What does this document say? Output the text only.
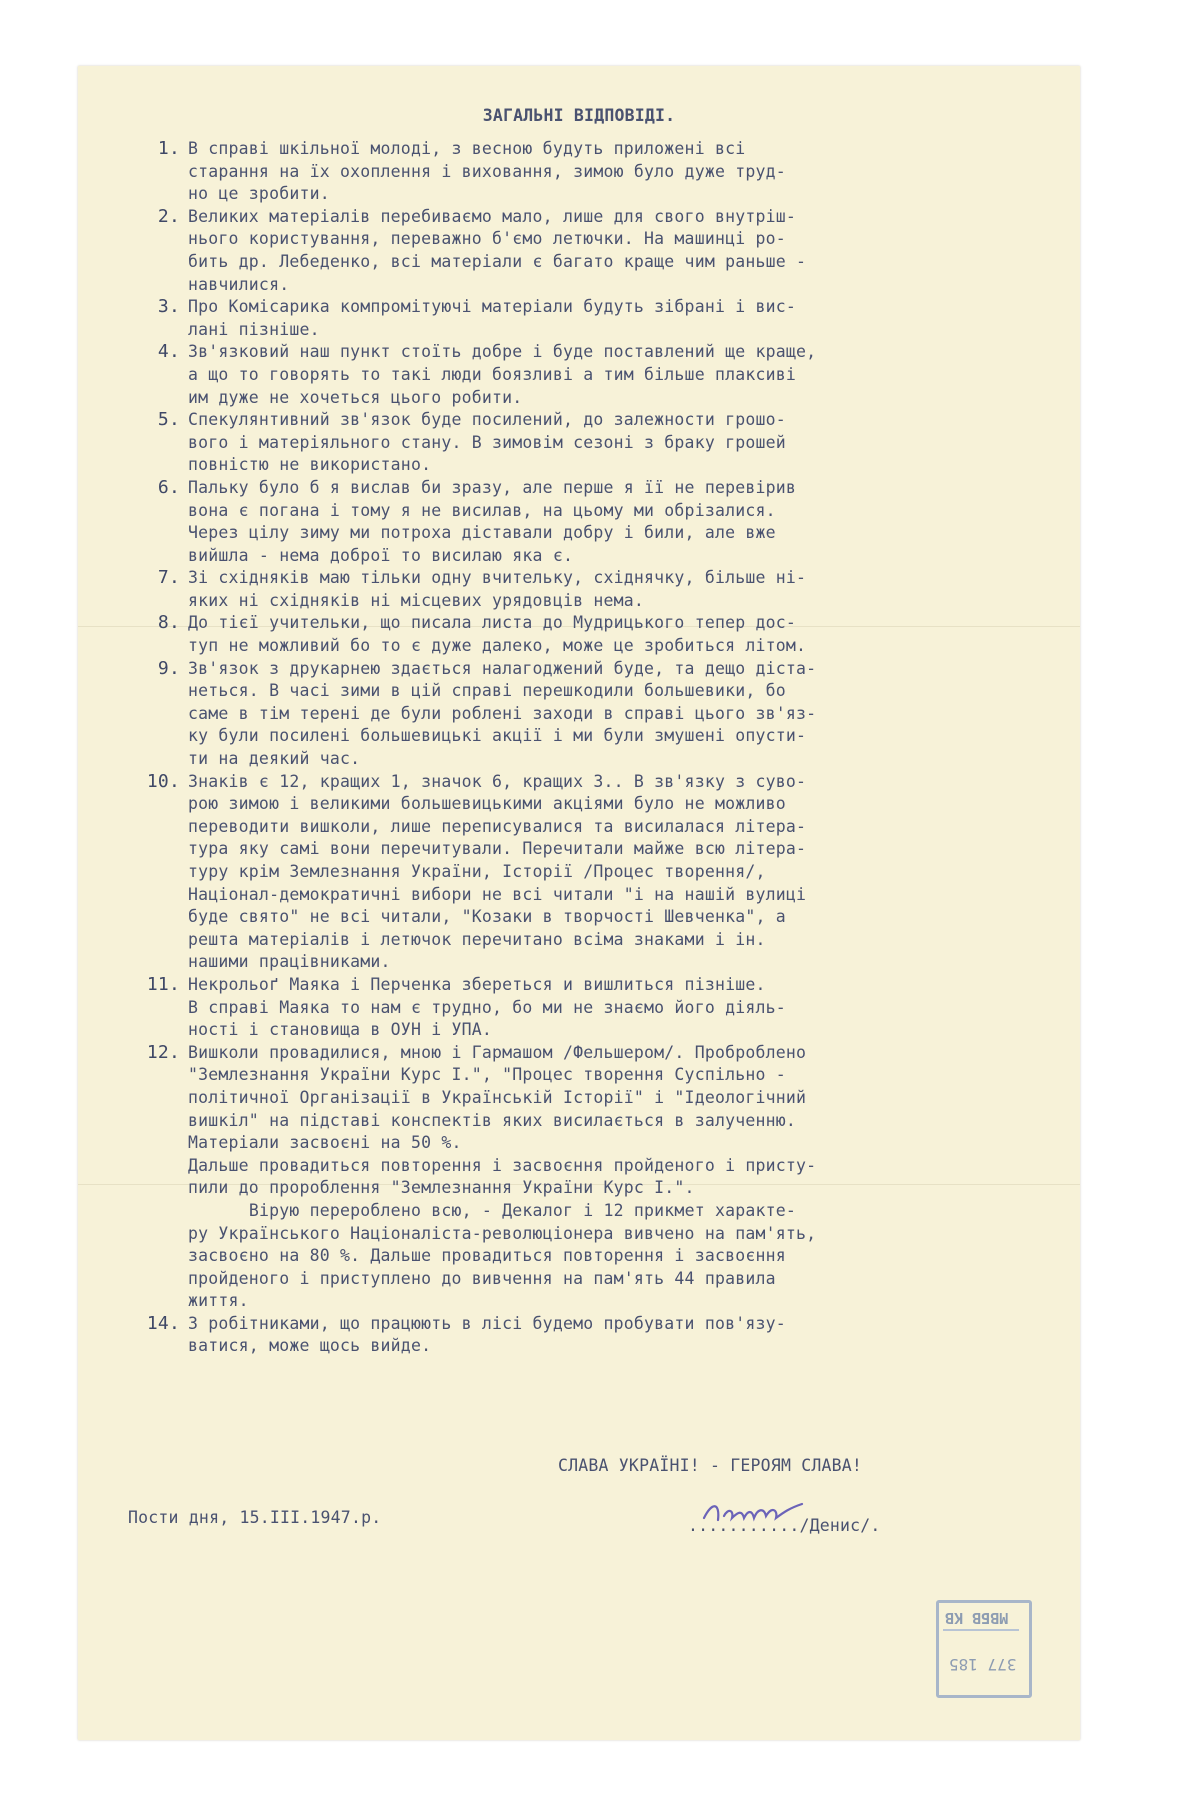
ЗАГАЛЬНІ ВІДПОВІДІ.
1. В справі шкільної молоді, з весною будуть приложені всі
старання на їх охоплення і виховання, зимою було дуже труд-
но це зробити.
2. Великих матеріалів перебиваємо мало, лише для свого внутріш-
нього користування, переважно б'ємо летючки. На машинці ро-
бить др. Лебеденко, всі матеріали є багато краще чим раньше -
навчилися.
3. Про Комісарика компромітуючі матеріали будуть зібрані і вис-
лані пізніше.
4. Зв'язковий наш пункт стоїть добре і буде поставлений ще краще,
а що то говорять то такі люди боязливі а тим більше плаксиві
им дуже не хочеться цього робити.
5. Спекулянтивний зв'язок буде посилений, до залежности грошо-
вого і матеріяльного стану. В зимовім сезоні з браку грошей
повністю не використано.
6. Пальку було б я вислав би зразу, але перше я її не перевірив
вона є погана і тому я не висилав, на цьому ми обрізалися.
Через цілу зиму ми потроха діставали добру і били, але вже
вийшла - нема доброї то висилаю яка є.
7. Зі східняків маю тільки одну вчительку, східнячку, більше ні-
яких ні східняків ні місцевих урядовців нема.
8. До тієї учительки, що писала листа до Мудрицького тепер дос-
туп не можливий бо то є дуже далеко, може це зробиться літом.
9. Зв'язок з друкарнею здається налагоджений буде, та дещо діста-
неться. В часі зими в цій справі перешкодили большевики, бо
саме в тім терені де були роблені заходи в справі цього зв'яз-
ку були посилені большевицькі акції і ми були змушені опусти-
ти на деякий час.
10. Знаків є 12, кращих 1, значок 6, кращих 3.. В зв'язку з суво-
рою зимою і великими большевицькими акціями було не можливо
переводити вишколи, лише переписувалися та висилалася літера-
тура яку самі вони перечитували. Перечитали майже всю літера-
туру крім Землезнання України, Історії /Процес творення/,
Націонал-демократичні вибори не всі читали "і на нашій вулиці
буде свято" не всі читали, "Козаки в творчості Шевченка", а
решта матеріалів і летючок перечитано всіма знаками і ін.
нашими працівниками.
11. Некрольоґ Маяка і Перченка збереться и вишлиться пізніше.
В справі Маяка то нам є трудно, бо ми не знаємо його діяль-
ності і становища в ОУН і УПА.
12. Вишколи провадилися, мною і Гармашом /Фельшером/. Проброблено
"Землезнання України Курс І.", "Процес творення Суспільно -
політичної Організації в Українській Історії" і "Ідеологічний
вишкіл" на підставі конспектів яких висилається в залученню.
Матеріали засвоєні на 50 %.
Дальше провадиться повторення і засвоєння пройденого і присту-
пили до пророблення "Землезнання України Курс І.".
Вірую перероблено всю, - Декалог і 12 прикмет характе-
ру Українського Націоналіста-революціонера вивчено на пам'ять,
засвоєно на 80 %. Дальше провадиться повторення і засвоєння
пройденого і приступлено до вивчення на пам'ять 44 правила
життя.
14. З робітниками, що працюють в лісі будемо пробувати пов'язу-
ватися, може щось вийде.
СЛАВА УКРАЇНІ! - ГЕРОЯМ СЛАВА!
Пости дня, 15.ІІІ.1947.р.	.........../Денис/.
МВБВ КВ
377 185
